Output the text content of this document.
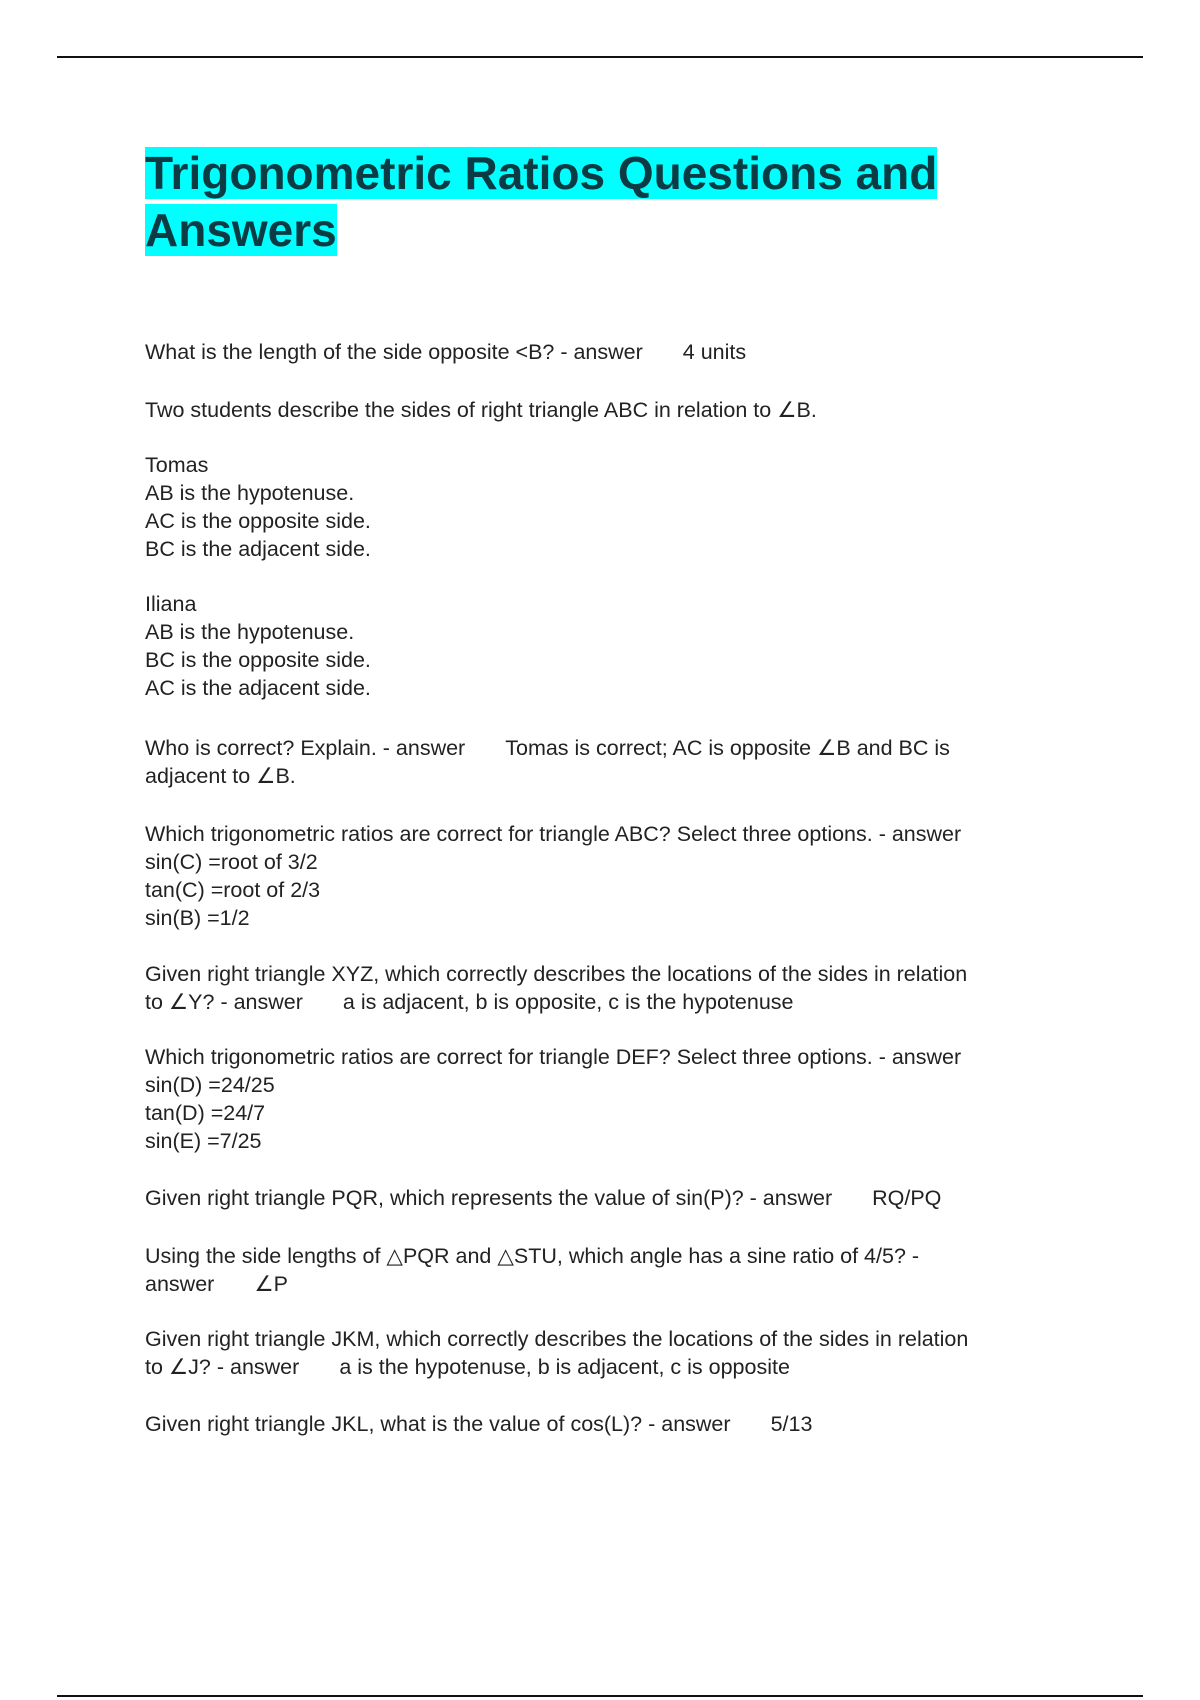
Trigonometric Ratios Questions and Answers
What is the length of the side opposite <B? - answer 4 units
Two students describe the sides of right triangle ABC in relation to ∠B.
Tomas
AB is the hypotenuse.
AC is the opposite side.
BC is the adjacent side.
Iliana
AB is the hypotenuse.
BC is the opposite side.
AC is the adjacent side.
Who is correct? Explain. - answer Tomas is correct; AC is opposite ∠B and BC is
adjacent to ∠B.
Which trigonometric ratios are correct for triangle ABC? Select three options. - answer
sin(C) =root of 3/2
tan(C) =root of 2/3
sin(B) =1/2
Given right triangle XYZ, which correctly describes the locations of the sides in relation
to ∠Y? - answer a is adjacent, b is opposite, c is the hypotenuse
Which trigonometric ratios are correct for triangle DEF? Select three options. - answer
sin(D) =24/25
tan(D) =24/7
sin(E) =7/25
Given right triangle PQR, which represents the value of sin(P)? - answer RQ/PQ
Using the side lengths of △PQR and △STU, which angle has a sine ratio of 4/5? -
answer ∠P
Given right triangle JKM, which correctly describes the locations of the sides in relation
to ∠J? - answer a is the hypotenuse, b is adjacent, c is opposite
Given right triangle JKL, what is the value of cos(L)? - answer 5/13
